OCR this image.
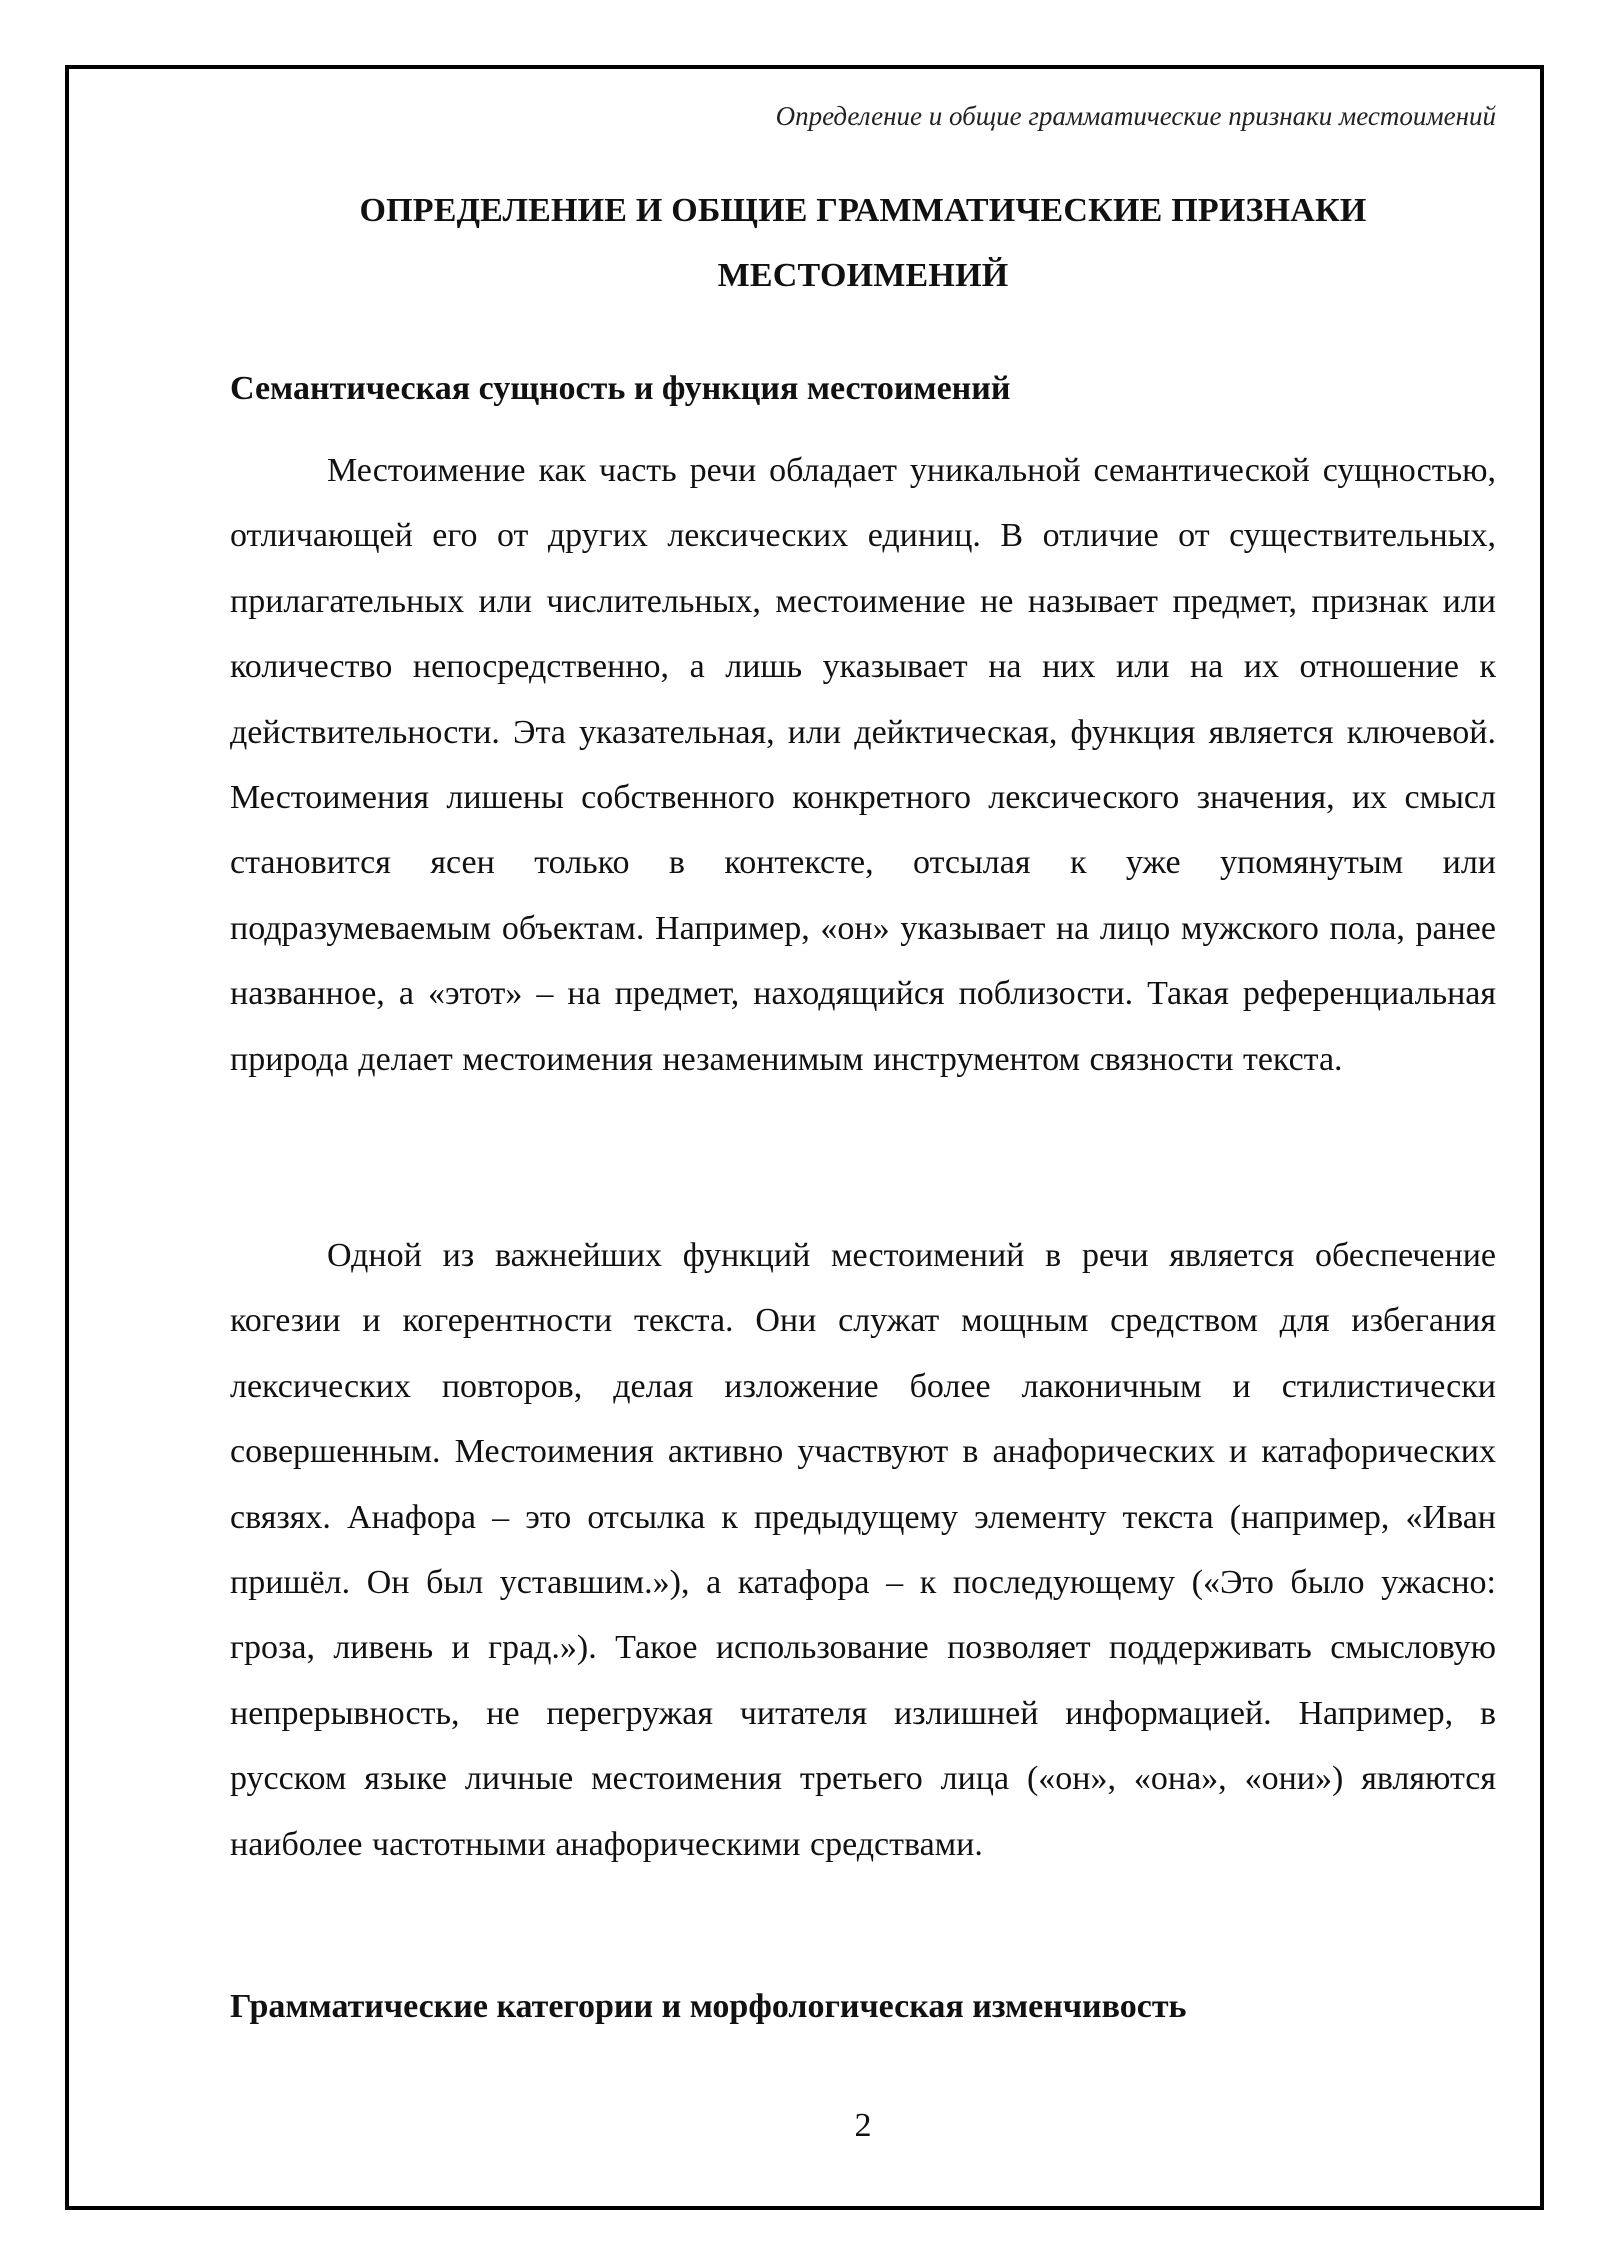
Определение и общие грамматические признаки местоимений
ОПРЕДЕЛЕНИЕ И ОБЩИЕ ГРАММАТИЧЕСКИЕ ПРИЗНАКИ
МЕСТОИМЕНИЙ
Семантическая сущность и функция местоимений

Местоимение как часть речи обладает уникальной семантической сущностью, отличающей его от других лексических единиц. В отличие от существительных, прилагательных или числительных, местоимение не называет предмет, признак или количество непосредственно, а лишь указывает на них или на их отношение к действительности. Эта указательная, или дейктическая, функция является ключевой. Местоимения лишены собственного конкретного лексического значения, их смысл становится ясен только в контексте, отсылая к уже упомянутым или подразумеваемым объектам. Например, «он» указывает на лицо мужского пола, ранее названное, а «этот» – на предмет, находящийся поблизости. Такая референциальная природа делает местоимения незаменимым инструментом связности текста.

Одной из важнейших функций местоимений в речи является обеспечение когезии и когерентности текста. Они служат мощным средством для избегания лексических повторов, делая изложение более лаконичным и стилистически совершенным. Местоимения активно участвуют в анафорических и катафорических связях. Анафора – это отсылка к предыдущему элементу текста (например, «Иван пришёл. Он был уставшим.»), а катафора – к последующему («Это было ужасно: гроза, ливень и град.»). Такое использование позволяет поддерживать смысловую непрерывность, не перегружая читателя излишней информацией. Например, в русском языке личные местоимения третьего лица («он», «она», «они») являются наиболее частотными анафорическими средствами.

Грамматические категории и морфологическая изменчивость
2
